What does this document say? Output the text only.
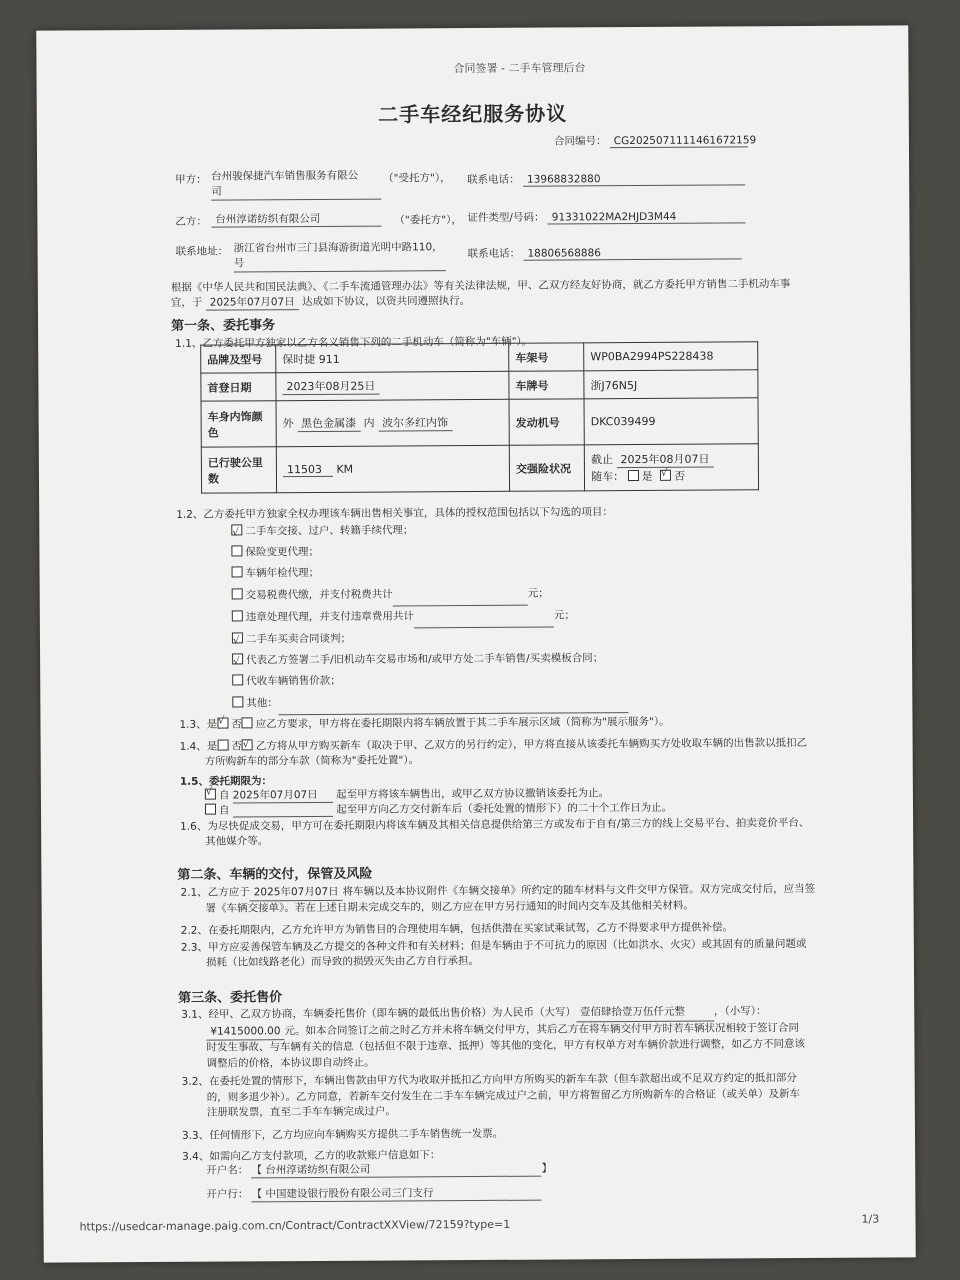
合同签署 - 二手车管理后台
二手车经纪服务协议
合同编号： CG20250711114616721​59
甲方： 台州骏保捷汽车销售服务有限公
司
（"受托方"）， 联系电话： 13968832880
乙方： 台州淳诺纺织有限公司	（"委托方"）， 证件类型/号码： 91331022MA2HJD3M44
联系地址： 浙江省台州市三门县海游街道光明中路110，
号
联系电话： 18806568886
根据《中华人民共和国民法典》、《二手车流通管理办法》等有关法律法规，甲、乙双方经友好协商，就乙方委托甲方销售二手机动车事
宜，于 2025年07月07日 达成如下协议，以资共同遵照执行。
第一条、委托事务
1.1、乙方委托甲方独家以乙方名义销售下列的二手机动车（简称为"车辆"）。
品牌及型号	保时捷 911	车架号	WP0BA2994PS228438
首登日期	2023年08月25日	车牌号	浙J76N5J
车身内饰颜色	外 黑色金属漆 内 波尔多红内饰	发动机号	DKC039499
已行驶公里数	11503 KM	交强险状况	截止 2025年08月07日
随车： 是 √ 否
1.2、乙方委托甲方独家全权办理该车辆出售相关事宜，具体的授权范围包括以下勾选的项目：
√二手车交接、过户、转籍手续代理；
保险变更代理；
车辆年检代理；
交易税费代缴，并支付税费共计	元；
违章处理代理，并支付违章费用共计	元；
√二手车买卖合同谈判；
√代表乙方签署二手/旧机动车交易市场和/或甲方处二手车销售/买卖模板合同；
代收车辆销售价款；
其他：
1.3、是 √ 否 应乙方要求，甲方将在委托期限内将车辆放置于其二手车展示区域（简称为"展示服务"）。
1.4、是 否 √ 乙方将从甲方购买新车（取决于甲、乙双方的另行约定），甲方将直接从该委托车辆购买方处收取车辆的出售款以抵扣乙
方所购新车的部分车款（简称为"委托处置"）。
1.5、委托期限为：
√自 2025年07月07日 起至甲方将该车辆售出，或甲乙双方协议撤销该委托为止。
自	起至甲方向乙方交付新车后（委托处置的情形下）的二十个工作日为止。
1.6、为尽快促成交易，甲方可在委托期限内将该车辆及其相关信息提供给第三方或发布于自有/第三方的线上交易平台、拍卖竞价平台、
其他媒介等。
第二条、车辆的交付，保管及风险
2.1、乙方应于 2025年07月07日 将车辆以及本协议附件《车辆交接单》所约定的随车材料与文件交甲方保管。双方完成交付后，应当签
署《车辆交接单》。若在上述日期未完成交车的，则乙方应在甲方另行通知的时间内交车及其他相关材料。
2.2、在委托期限内，乙方允许甲方为销售目的合理使用车辆，包括供潜在买家试乘试驾，乙方不得要求甲方提供补偿。
2.3、甲方应妥善保管车辆及乙方提交的各种文件和有关材料；但是车辆由于不可抗力的原因（比如洪水、火灾）或其固有的质量问题或
损耗（比如线路老化）而导致的损毁灭失由乙方自行承担。
第三条、委托售价
3.1、经甲、乙双方协商，车辆委托售价（即车辆的最低出售价格）为人民币（大写） 壹佰肆拾壹万伍仟元整	，（小写）：
¥1415000.00 元。如本合同签订之前之时乙方并未将车辆交付甲方，其后乙方在将车辆交付甲方时若车辆状况相较于签订合同
时发生事故、与车辆有关的信息（包括但不限于违章、抵押）等其他的变化，甲方有权单方对车辆价款进行调整，如乙方不同意该
调整后的价格，本协议即自动终止。
3.2、在委托处置的情形下，车辆出售款由甲方代为收取并抵扣乙方向甲方所购买的新车车款（但车款超出或不足双方约定的抵扣部分
的，则多退少补）。乙方同意，若新车交付发生在二手车车辆完成过户之前，甲方将暂留乙方所购新车的合格证（或关单）及新车
注册联发票，直至二手车车辆完成过户。
3.3、任何情形下，乙方均应向车辆购买方提供二手车销售统一发票。
3.4、如需向乙方支付款项，乙方的收款账户信息如下：
开户名： 【 台州淳诺纺织有限公司	】
开户行： 【 中国建设银行股份有限公司三门支行
https://usedcar-manage.paig.com.cn/Contract/ContractXXView/72159?type=1	1/3
